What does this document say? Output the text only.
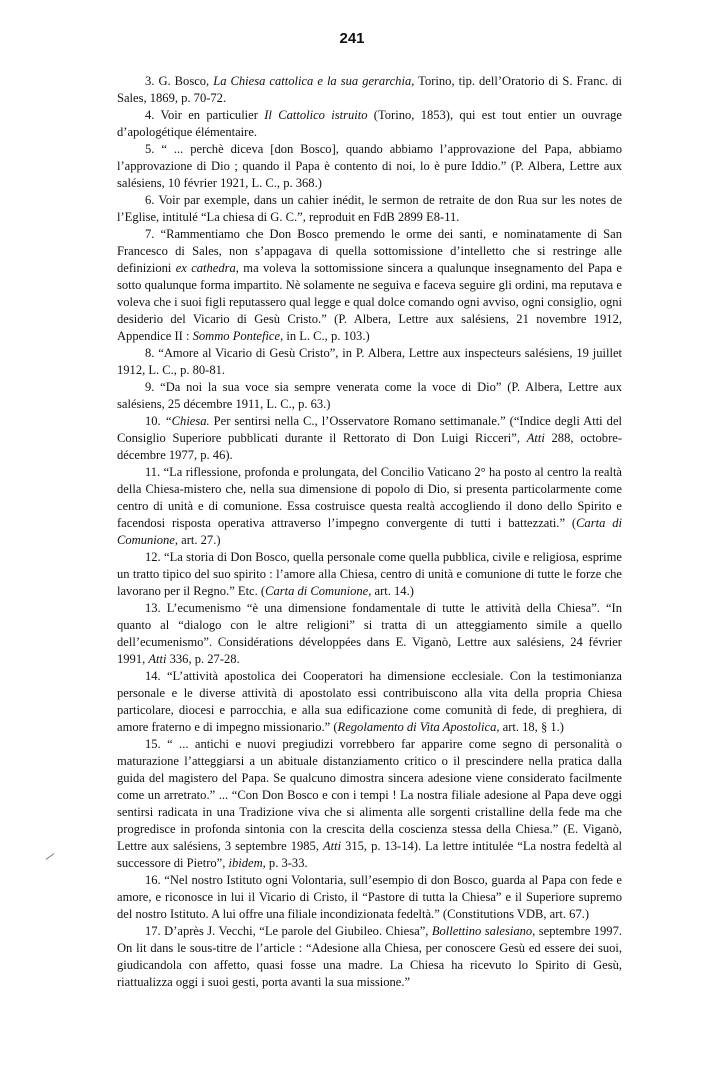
241

3. G. Bosco, La Chiesa cattolica e la sua gerarchia, Torino, tip. dell’Oratorio di S. Franc. di Sales, 1869, p. 70-72.

4. Voir en particulier Il Cattolico istruito (Torino, 1853), qui est tout entier un ouvrage d’apologétique élémentaire.

5. “ ... perchè diceva [don Bosco], quando abbiamo l’approvazione del Papa, abbiamo l’approvazione di Dio ; quando il Papa è contento di noi, lo è pure Iddio.” (P. Albera, Lettre aux salésiens, 10 février 1921, L. C., p. 368.)

6. Voir par exemple, dans un cahier inédit, le sermon de retraite de don Rua sur les notes de l’Eglise, intitulé “La chiesa di G. C.”, reproduit en FdB 2899 E8-11.

7. “Rammentiamo che Don Bosco premendo le orme dei santi, e nominatamente di San Francesco di Sales, non s’appagava di quella sottomissione d’intelletto che si restringe alle definizioni ex cathedra, ma voleva la sottomissione sincera a qualunque insegnamento del Papa e sotto qualunque forma impartito. Nè solamente ne seguiva e faceva seguire gli ordini, ma reputava e voleva che i suoi figli reputassero qual legge e qual dolce comando ogni avviso, ogni consiglio, ogni desiderio del Vicario di Gesù Cristo.” (P. Albera, Lettre aux salésiens, 21 novembre 1912, Appendice II : Sommo Pontefice, in L. C., p. 103.)

8. “Amore al Vicario di Gesù Cristo”, in P. Albera, Lettre aux inspecteurs salésiens, 19 juillet 1912, L. C., p. 80-81.

9. “Da noi la sua voce sia sempre venerata come la voce di Dio” (P. Albera, Lettre aux salésiens, 25 décembre 1911, L. C., p. 63.)

10. “Chiesa. Per sentirsi nella C., l’Osservatore Romano settimanale.” (“Indice degli Atti del Consiglio Superiore pubblicati durante il Rettorato di Don Luigi Ricceri”, Atti 288, octobre-décembre 1977, p. 46).

11. “La riflessione, profonda e prolungata, del Concilio Vaticano 2° ha posto al centro la realtà della Chiesa-mistero che, nella sua dimensione di popolo di Dio, si presenta particolarmente come centro di unità e di comunione. Essa costruisce questa realtà accogliendo il dono dello Spirito e facendosi risposta operativa attraverso l’impegno convergente di tutti i battezzati.” (Carta di Comunione, art. 27.)

12. “La storia di Don Bosco, quella personale come quella pubblica, civile e religiosa, esprime un tratto tipico del suo spirito : l’amore alla Chiesa, centro di unità e comunione di tutte le forze che lavorano per il Regno.” Etc. (Carta di Comunione, art. 14.)

13. L’ecumenismo “è una dimensione fondamentale di tutte le attività della Chiesa”. “In quanto al “dialogo con le altre religioni” si tratta di un atteggiamento simile a quello dell’ecumenismo”. Considérations développées dans E. Viganò, Lettre aux salésiens, 24 février 1991, Atti 336, p. 27-28.

14. “L’attività apostolica dei Cooperatori ha dimensione ecclesiale. Con la testimonianza personale e le diverse attività di apostolato essi contribuiscono alla vita della propria Chiesa particolare, diocesi e parrocchia, e alla sua edificazione come comunità di fede, di preghiera, di amore fraterno e di impegno missionario.” (Regolamento di Vita Apostolica, art. 18, § 1.)

15. “ ... antichi e nuovi pregiudizi vorrebbero far apparire come segno di personalità o maturazione l’atteggiarsi a un abituale distanziamento critico o il prescindere nella pratica dalla guida del magistero del Papa. Se qualcuno dimostra sincera adesione viene considerato facilmente come un arretrato.” ... “Con Don Bosco e con i tempi ! La nostra filiale adesione al Papa deve oggi sentirsi radicata in una Tradizione viva che si alimenta alle sorgenti cristalline della fede ma che progredisce in profonda sintonia con la crescita della coscienza stessa della Chiesa.” (E. Viganò, Lettre aux salésiens, 3 septembre 1985, Atti 315, p. 13-14). La lettre intitulée “La nostra fedeltà al successore di Pietro”, ibidem, p. 3-33.

16. “Nel nostro Istituto ogni Volontaria, sull’esempio di don Bosco, guarda al Papa con fede e amore, e riconosce in lui il Vicario di Cristo, il “Pastore di tutta la Chiesa” e il Superiore supremo del nostro Istituto. A lui offre una filiale incondizionata fedeltà.” (Constitutions VDB, art. 67.)

17. D’après J. Vecchi, “Le parole del Giubileo. Chiesa”, Bollettino salesiano, septembre 1997. On lit dans le sous-titre de l’article : “Adesione alla Chiesa, per conoscere Gesù ed essere dei suoi, giudicandola con affetto, quasi fosse una madre. La Chiesa ha ricevuto lo Spirito di Gesù, riattualizza oggi i suoi gesti, porta avanti la sua missione.”
